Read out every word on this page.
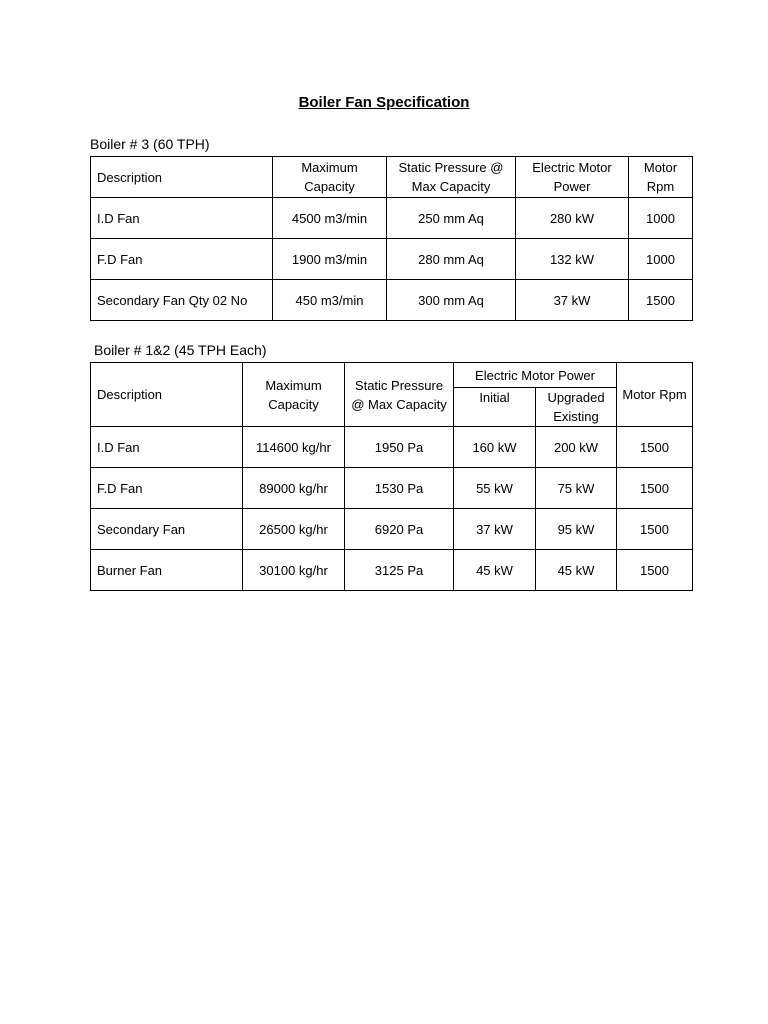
Boiler Fan Specification
Boiler # 3 (60 TPH)
Description	Maximum Capacity	Static Pressure @ Max Capacity	Electric Motor Power	Motor Rpm
I.D Fan	4500 m3/min	250 mm Aq	280 kW	1000
F.D Fan	1900 m3/min	280 mm Aq	132 kW	1000
Secondary Fan Qty 02 No	450 m3/min	300 mm Aq	37 kW	1500
Boiler # 1&2 (45 TPH Each)
Description	Maximum Capacity	Static Pressure @ Max Capacity	Electric Motor Power		Motor Rpm
			Initial	Upgraded Existing	
I.D Fan	114600 kg/hr	1950 Pa	160 kW	200 kW	1500
F.D Fan	89000 kg/hr	1530 Pa	55 kW	75 kW	1500
Secondary Fan	26500 kg/hr	6920 Pa	37 kW	95 kW	1500
Burner Fan	30100 kg/hr	3125 Pa	45 kW	45 kW	1500
